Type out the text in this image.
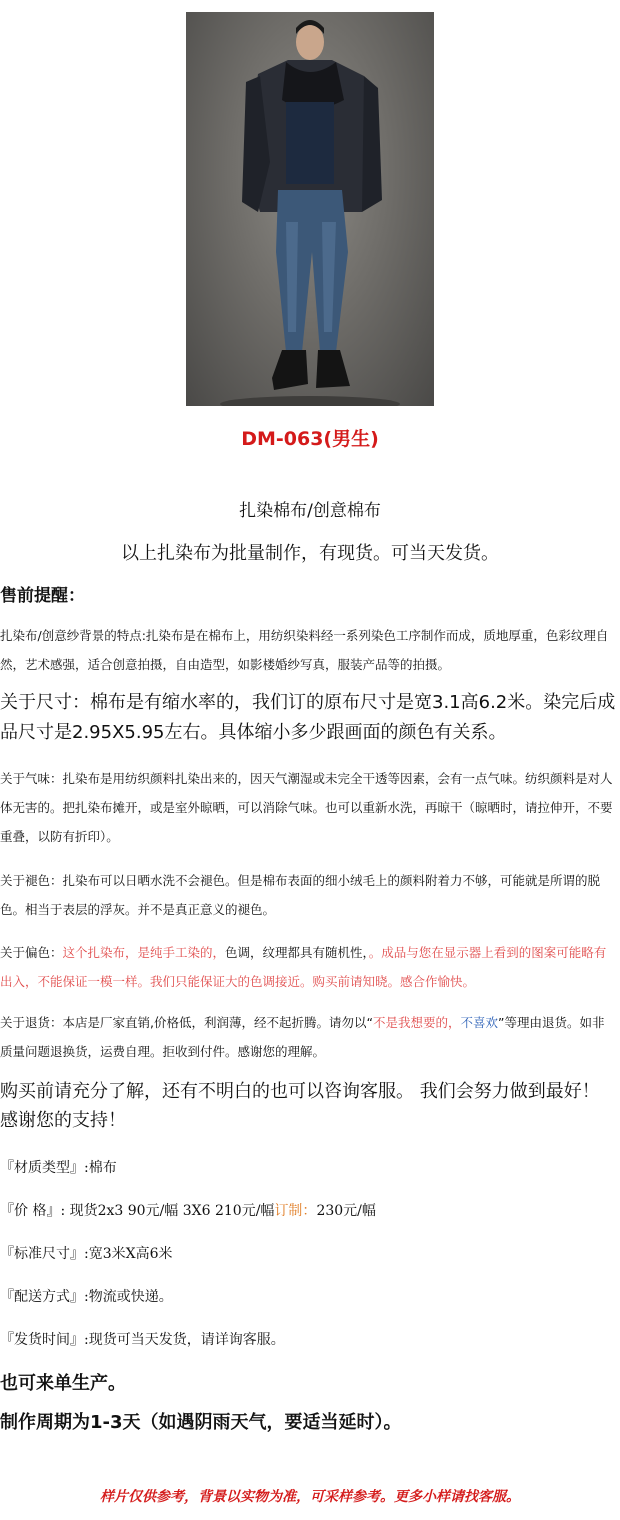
DM-063(男生)
扎染棉布/创意棉布
以上扎染布为批量制作，有现货。可当天发货。
售前提醒：
扎染布/创意纱背景的特点:扎染布是在棉布上，用纺织染料经一系列染色工序制作而成，质地厚重，色彩纹理自然，艺术感强，适合创意拍摄，自由造型，如影楼婚纱写真，服装产品等的拍摄。
关于尺寸：棉布是有缩水率的，我们订的原布尺寸是宽3.1高6.2米。染完后成品尺寸是2.95X5.95左右。具体缩小多少跟画面的颜色有关系。
关于气味：扎染布是用纺织颜料扎染出来的，因天气潮湿或未完全干透等因素，会有一点气味。纺织颜料是对人体无害的。把扎染布摊开，或是室外晾晒，可以消除气味。也可以重新水洗，再晾干（晾晒时，请拉伸开，不要重叠，以防有折印）。
关于褪色：扎染布可以日晒水洗不会褪色。但是棉布表面的细小绒毛上的颜料附着力不够，可能就是所谓的脱色。相当于表层的浮灰。并不是真正意义的褪色。
关于偏色：这个扎染布，是纯手工染的，色调，纹理都具有随机性，。成品与您在显示器上看到的图案可能略有出入，不能保证一模一样。我们只能保证大的色调接近。购买前请知晓。感合作愉快。
关于退货：本店是厂家直销,价格低，利润薄，经不起折腾。请勿以“不是我想要的，不喜欢”等理由退货。如非质量问题退换货，运费自理。拒收到付件。感谢您的理解。
购买前请充分了解，还有不明白的也可以咨询客服。 我们会努力做到最好！感谢您的支持！
『材质类型』:棉布
『价 格』: 现货2x3 90元/幅 3X6 210元/幅订制：230元/幅
『标准尺寸』:宽3米X高6米
『配送方式』:物流或快递。
『发货时间』:现货可当天发货，请详询客服。
也可来单生产。
制作周期为1-3天（如遇阴雨天气，要适当延时）。
样片仅供参考，背景以实物为准，可采样参考。更多小样请找客服。
